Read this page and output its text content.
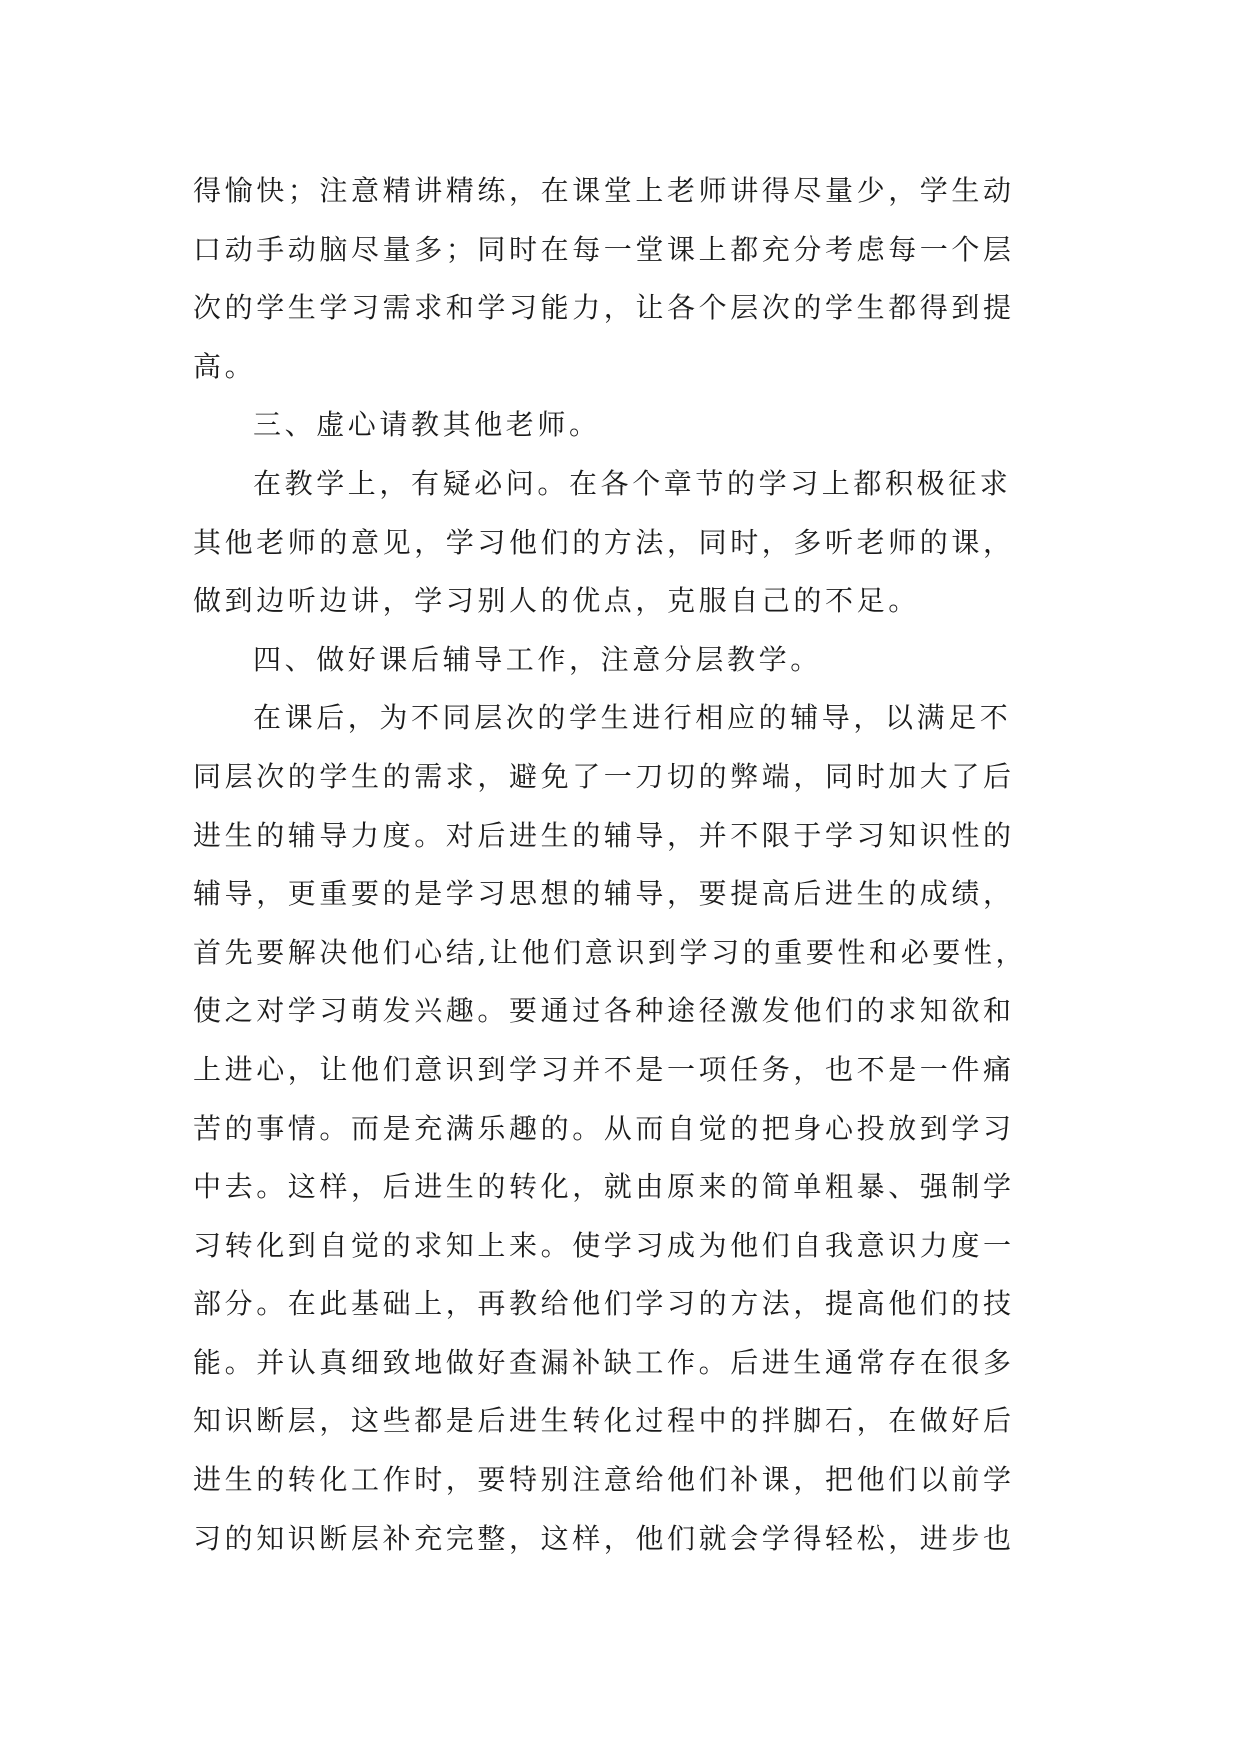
得愉快；注意精讲精练，在课堂上老师讲得尽量少，学生动
口动手动脑尽量多；同时在每一堂课上都充分考虑每一个层
次的学生学习需求和学习能力，让各个层次的学生都得到提
高。
三、虚心请教其他老师。
在教学上，有疑必问。在各个章节的学习上都积极征求
其他老师的意见，学习他们的方法，同时，多听老师的课，
做到边听边讲，学习别人的优点，克服自己的不足。
四、做好课后辅导工作，注意分层教学。
在课后，为不同层次的学生进行相应的辅导，以满足不
同层次的学生的需求，避免了一刀切的弊端，同时加大了后
进生的辅导力度。对后进生的辅导，并不限于学习知识性的
辅导，更重要的是学习思想的辅导，要提高后进生的成绩，
首先要解决他们心结,让他们意识到学习的重要性和必要性，
使之对学习萌发兴趣。要通过各种途径激发他们的求知欲和
上进心，让他们意识到学习并不是一项任务，也不是一件痛
苦的事情。而是充满乐趣的。从而自觉的把身心投放到学习
中去。这样，后进生的转化，就由原来的简单粗暴、强制学
习转化到自觉的求知上来。使学习成为他们自我意识力度一
部分。在此基础上，再教给他们学习的方法，提高他们的技
能。并认真细致地做好查漏补缺工作。后进生通常存在很多
知识断层，这些都是后进生转化过程中的拌脚石，在做好后
进生的转化工作时，要特别注意给他们补课，把他们以前学
习的知识断层补充完整，这样，他们就会学得轻松，进步也
